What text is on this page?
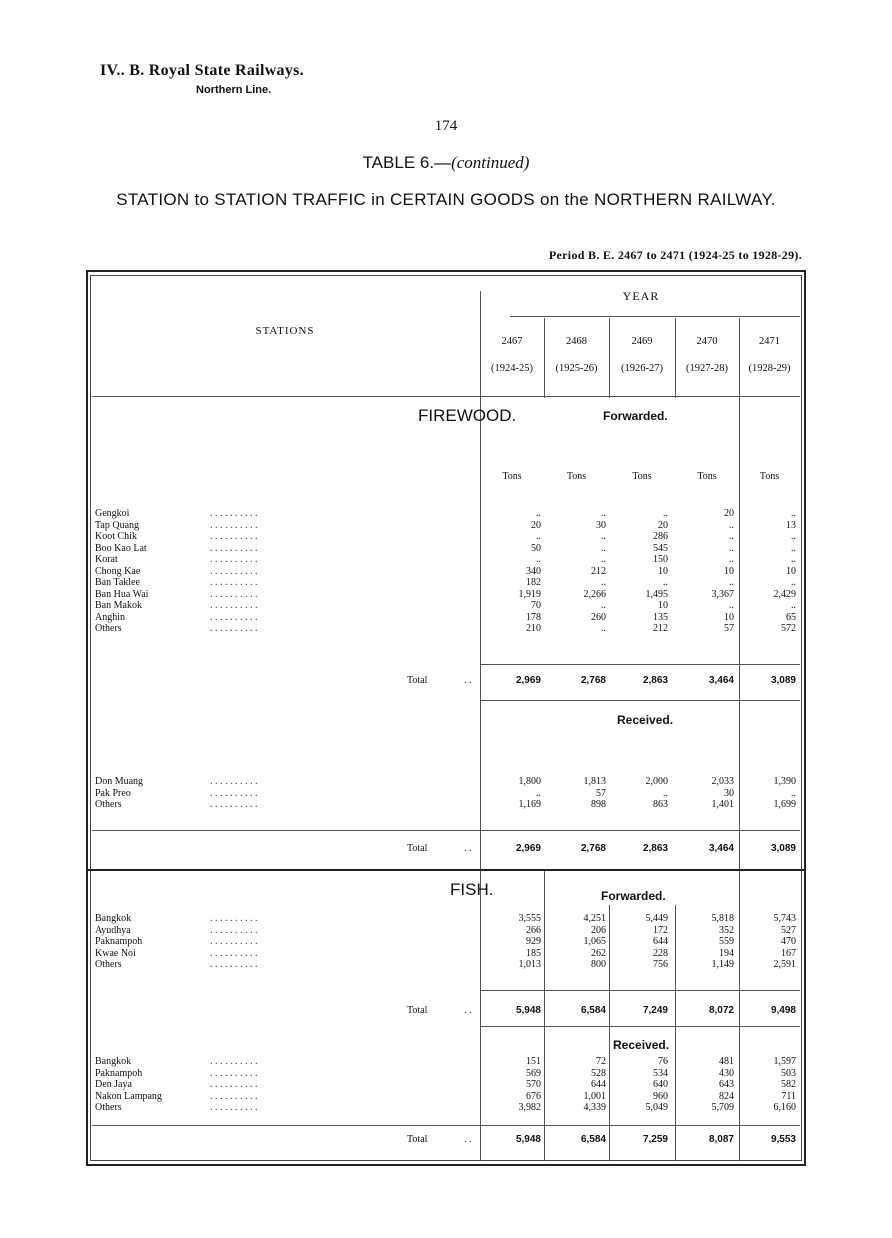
IV.. B. Royal State Railways.
Northern Line.
174
TABLE 6.—(continued)
STATION to STATION TRAFFIC in CERTAIN GOODS on the NORTHERN RAILWAY.
Period B. E. 2467 to 2471 (1924-25 to 1928-29).
YEAR
STATIONS
2467
(1924-25)
2468
(1925-26)
2469
(1926-27)
2470
(1927-28)
2471
(1928-29)
FIREWOOD.	Forwarded.
Received.
FISH.	Forwarded.
Received.
Tons	Tons	Tons	Tons	Tons
Gengkoi	. . . . . . . . . .	..	..	..	20	..
Tap Quang	. . . . . . . . . .	20	30	20	..	13
Koot Chik	. . . . . . . . . .	..	..	286	..	..
Boo Kao Lat	. . . . . . . . . .	50	..	545	..	..
Korat	. . . . . . . . . .	..	..	150	..	..
Chong Kae	. . . . . . . . . .	340	212	10	10	10
Ban Taklee	. . . . . . . . . .	182	..	..	..	..
Ban Hua Wai	. . . . . . . . . .	1,919	2,266	1,495	3,367	2,429
Ban Makok	. . . . . . . . . .	70	..	10	..	..
Anghin	. . . . . . . . . .	178	260	135	10	65
Others	. . . . . . . . . .	210	..	212	57	572
Total	. .	2,969	2,768	2,863	3,464	3,089
Don Muang	. . . . . . . . . .	1,800	1,813	2,000	2,033	1,390
Pak Preo	. . . . . . . . . .	..	57	..	30	..
Others	. . . . . . . . . .	1,169	898	863	1,401	1,699
Total	. .	2,969	2,768	2,863	3,464	3,089
Bangkok	. . . . . . . . . .	3,555	4,251	5,449	5,818	5,743
Ayudhya	. . . . . . . . . .	266	206	172	352	527
Paknampoh	. . . . . . . . . .	929	1,065	644	559	470
Kwae Noi	. . . . . . . . . .	185	262	228	194	167
Others	. . . . . . . . . .	1,013	800	756	1,149	2,591
Total	. .	5,948	6,584	7,249	8,072	9,498
Bangkok	. . . . . . . . . .	151	72	76	481	1,597
Paknampoh	. . . . . . . . . .	569	528	534	430	503
Den Jaya	. . . . . . . . . .	570	644	640	643	582
Nakon Lampang	. . . . . . . . . .	676	1,001	960	824	711
Others	. . . . . . . . . .	3,982	4,339	5,049	5,709	6,160
Total	. .	5,948	6,584	7,259	8,087	9,553
